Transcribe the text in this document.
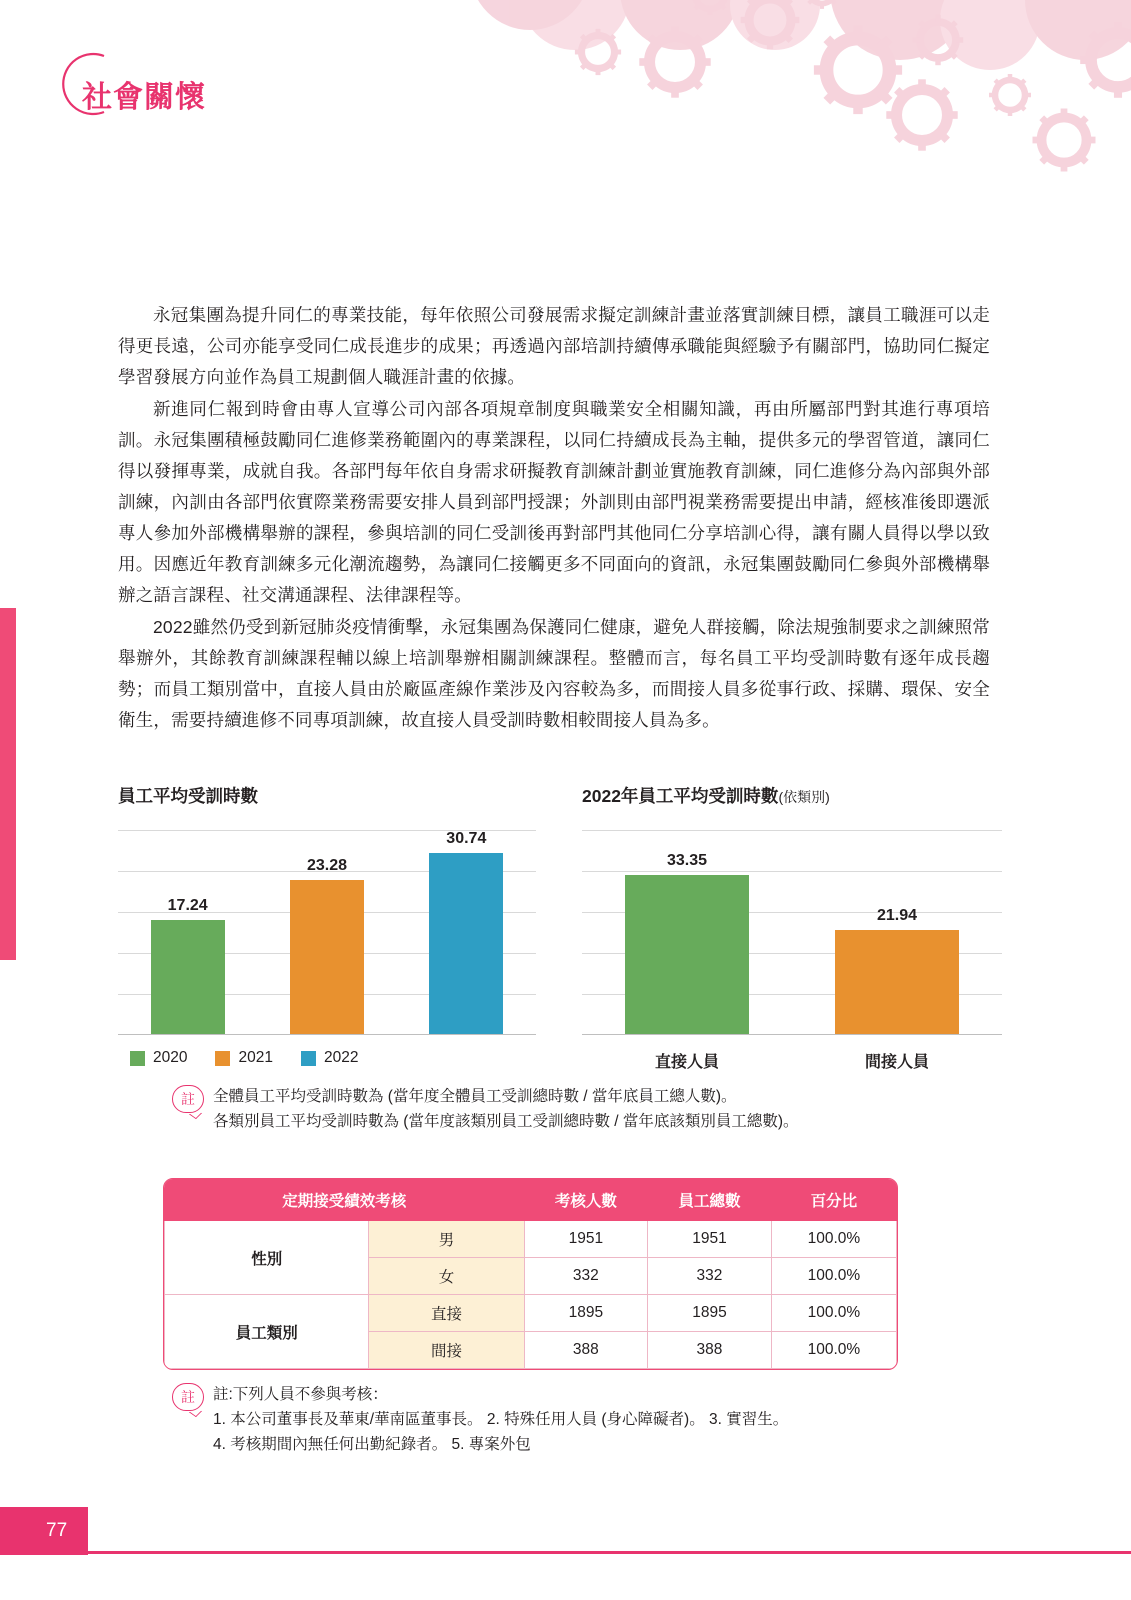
社會關懷

永冠集團為提升同仁的專業技能，每年依照公司發展需求擬定訓練計畫並落實訓練目標，讓員工職涯可以走得更長遠，公司亦能享受同仁成長進步的成果；再透過內部培訓持續傳承職能與經驗予有關部門，協助同仁擬定學習發展方向並作為員工規劃個人職涯計畫的依據。

新進同仁報到時會由專人宣導公司內部各項規章制度與職業安全相關知識，再由所屬部門對其進行專項培訓。永冠集團積極鼓勵同仁進修業務範圍內的專業課程，以同仁持續成長為主軸，提供多元的學習管道，讓同仁得以發揮專業，成就自我。各部門每年依自身需求研擬教育訓練計劃並實施教育訓練，同仁進修分為內部與外部訓練，內訓由各部門依實際業務需要安排人員到部門授課；外訓則由部門視業務需要提出申請，經核准後即選派專人參加外部機構舉辦的課程，參與培訓的同仁受訓後再對部門其他同仁分享培訓心得，讓有關人員得以學以致用。因應近年教育訓練多元化潮流趨勢，為讓同仁接觸更多不同面向的資訊，永冠集團鼓勵同仁參與外部機構舉辦之語言課程、社交溝通課程、法律課程等。

2022雖然仍受到新冠肺炎疫情衝擊，永冠集團為保護同仁健康，避免人群接觸，除法規強制要求之訓練照常舉辦外，其餘教育訓練課程輔以線上培訓舉辦相關訓練課程。整體而言，每名員工平均受訓時數有逐年成長趨勢；而員工類別當中，直接人員由於廠區產線作業涉及內容較為多，而間接人員多從事行政、採購、環保、安全衛生，需要持續進修不同專項訓練，故直接人員受訓時數相較間接人員為多。

員工平均受訓時數
17.24
23.28
30.74
2020	2021	2022
2022年員工平均受訓時數(依類別)
33.35
21.94
直接人員	間接人員
註	全體員工平均受訓時數為 (當年度全體員工受訓總時數 / 當年底員工總人數)。
各類別員工平均受訓時數為 (當年度該類別員工受訓總時數 / 當年底該類別員工總數)。
定期接受績效考核		考核人數	員工總數	百分比
性別	男	1951	1951	100.0%
	女	332	332	100.0%
員工類別	直接	1895	1895	100.0%
	間接	388	388	100.0%
註	註:下列人員不參與考核：
1. 本公司董事長及華東/華南區董事長。 2. 特殊任用人員 (身心障礙者)。 3. 實習生。
4. 考核期間內無任何出勤紀錄者。 5. 專案外包
77
